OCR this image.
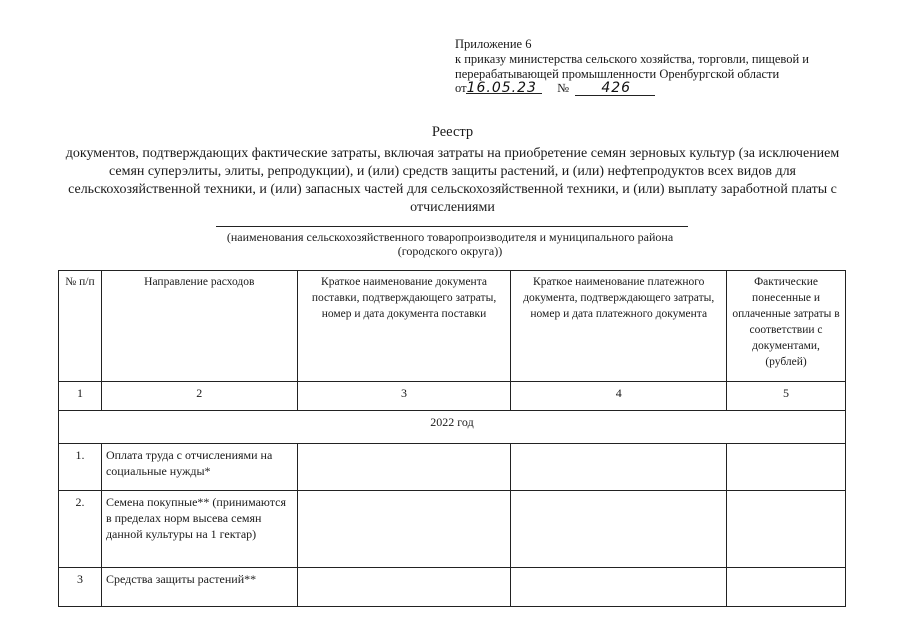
Приложение 6
к приказу министерства сельского хозяйства, торговли, пищевой и
перерабатывающей промышленности Оренбургской области
от16.05.23 № 426
Реестр
документов, подтверждающих фактические затраты, включая затраты на приобретение семян зерновых культур (за исключением семян суперэлиты, элиты, репродукции), и (или) средств защиты растений, и (или) нефтепродуктов всех видов для сельскохозяйственной техники, и (или) запасных частей для сельскохозяйственной техники, и (или) выплату заработной платы с отчислениями
(наименования сельскохозяйственного товаропроизводителя и муниципального района
(городского округа))
№ п/п	Направление расходов	Краткое наименование документа поставки, подтверждающего затраты, номер и дата документа поставки	Краткое наименование платежного документа, подтверждающего затраты, номер и дата платежного документа	Фактические понесенные и оплаченные затраты в соответствии с документами, (рублей)
1	2	3	4	5
2022 год				
1.	Оплата труда с отчислениями на социальные нужды*			
2.	Семена покупные** (принимаются в пределах норм высева семян данной культуры на 1 гектар)			
3	Средства защиты растений**			
